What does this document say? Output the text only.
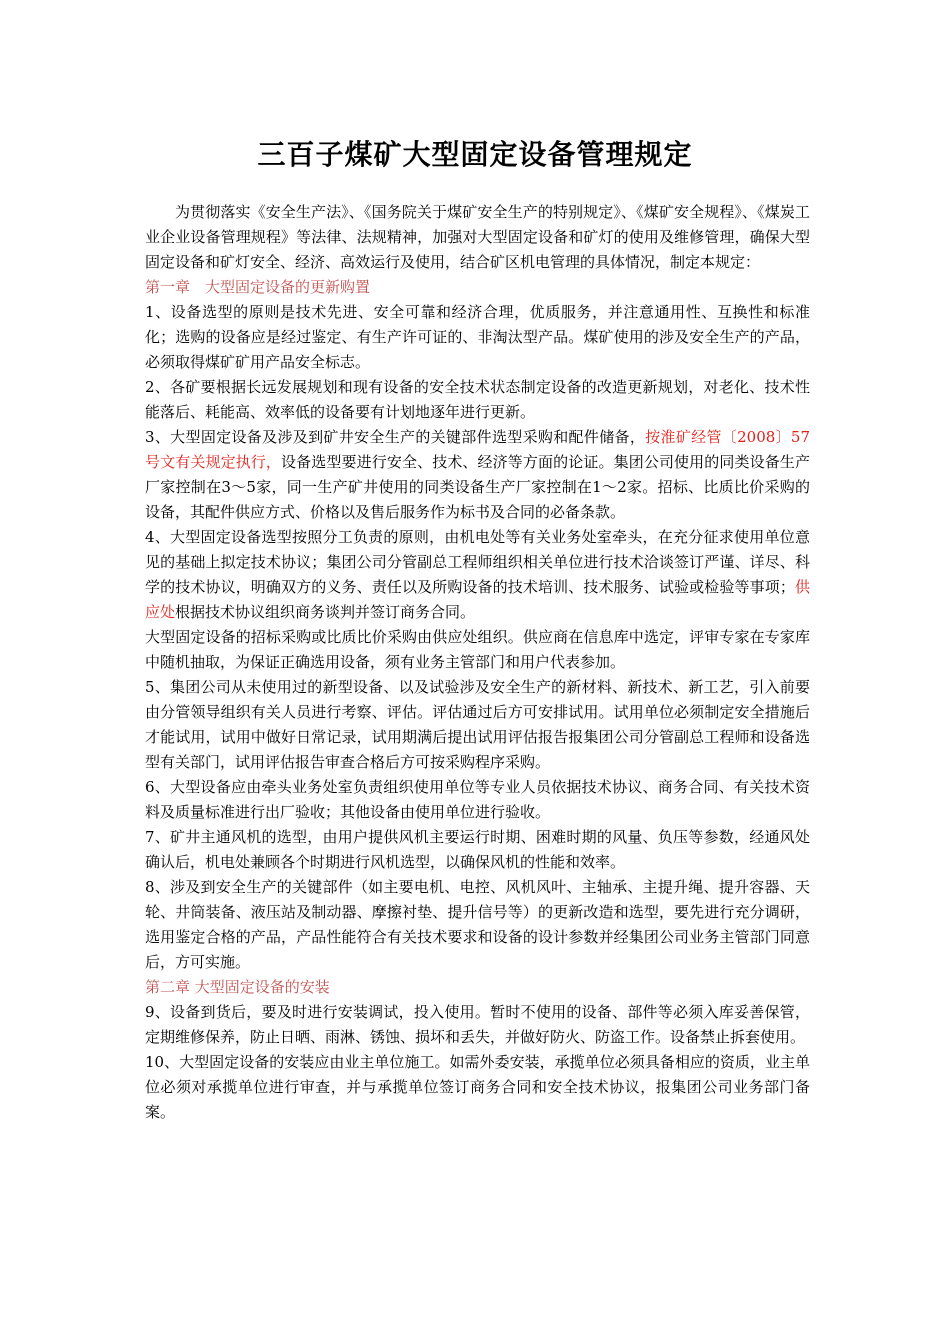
三百子煤矿大型固定设备管理规定

为贯彻落实《安全生产法》、《国务院关于煤矿安全生产的特别规定》、《煤矿安全规程》、《煤炭工业企业设备管理规程》等法律、法规精神，加强对大型固定设备和矿灯的使用及维修管理，确保大型固定设备和矿灯安全、经济、高效运行及使用，结合矿区机电管理的具体情况，制定本规定：

第一章　大型固定设备的更新购置

1、设备选型的原则是技术先进、安全可靠和经济合理，优质服务，并注意通用性、互换性和标准化；选购的设备应是经过鉴定、有生产许可证的、非淘汰型产品。煤矿使用的涉及安全生产的产品，必须取得煤矿矿用产品安全标志。

2、各矿要根据长远发展规划和现有设备的安全技术状态制定设备的改造更新规划，对老化、技术性能落后、耗能高、效率低的设备要有计划地逐年进行更新。

3、大型固定设备及涉及到矿井安全生产的关键部件选型采购和配件储备，按淮矿经管〔2008〕57号文有关规定执行，设备选型要进行安全、技术、经济等方面的论证。集团公司使用的同类设备生产厂家控制在3～5家，同一生产矿井使用的同类设备生产厂家控制在1～2家。招标、比质比价采购的设备，其配件供应方式、价格以及售后服务作为标书及合同的必备条款。

4、大型固定设备选型按照分工负责的原则，由机电处等有关业务处室牵头，在充分征求使用单位意见的基础上拟定技术协议；集团公司分管副总工程师组织相关单位进行技术洽谈签订严谨、详尽、科学的技术协议，明确双方的义务、责任以及所购设备的技术培训、技术服务、试验或检验等事项；供应处根据技术协议组织商务谈判并签订商务合同。

大型固定设备的招标采购或比质比价采购由供应处组织。供应商在信息库中选定，评审专家在专家库中随机抽取，为保证正确选用设备，须有业务主管部门和用户代表参加。

5、集团公司从未使用过的新型设备、以及试验涉及安全生产的新材料、新技术、新工艺，引入前要由分管领导组织有关人员进行考察、评估。评估通过后方可安排试用。试用单位必须制定安全措施后才能试用，试用中做好日常记录，试用期满后提出试用评估报告报集团公司分管副总工程师和设备选型有关部门，试用评估报告审查合格后方可按采购程序采购。

6、大型设备应由牵头业务处室负责组织使用单位等专业人员依据技术协议、商务合同、有关技术资料及质量标准进行出厂验收；其他设备由使用单位进行验收。

7、矿井主通风机的选型，由用户提供风机主要运行时期、困难时期的风量、负压等参数，经通风处确认后，机电处兼顾各个时期进行风机选型，以确保风机的性能和效率。

8、涉及到安全生产的关键部件（如主要电机、电控、风机风叶、主轴承、主提升绳、提升容器、天轮、井筒装备、液压站及制动器、摩擦衬垫、提升信号等）的更新改造和选型，要先进行充分调研，选用鉴定合格的产品，产品性能符合有关技术要求和设备的设计参数并经集团公司业务主管部门同意后，方可实施。

第二章 大型固定设备的安装

9、设备到货后，要及时进行安装调试，投入使用。暂时不使用的设备、部件等必须入库妥善保管，定期维修保养，防止日晒、雨淋、锈蚀、损坏和丢失，并做好防火、防盗工作。设备禁止拆套使用。

10、大型固定设备的安装应由业主单位施工。如需外委安装，承揽单位必须具备相应的资质，业主单位必须对承揽单位进行审查，并与承揽单位签订商务合同和安全技术协议，报集团公司业务部门备案。
